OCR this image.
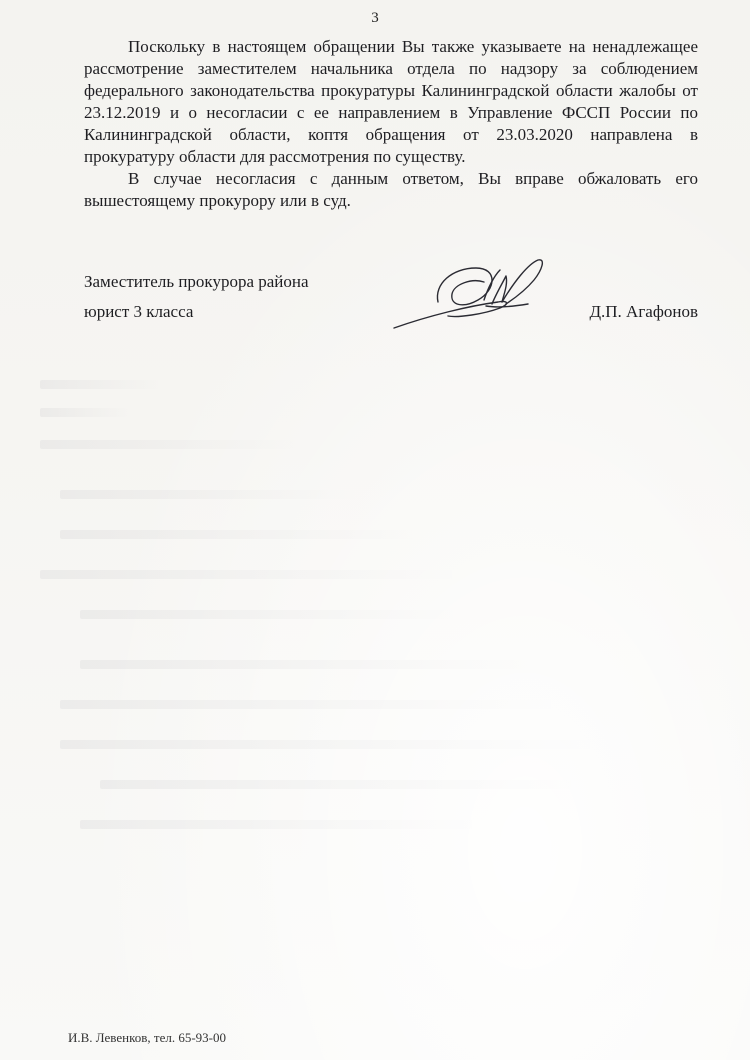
3

Поскольку в настоящем обращении Вы также указываете на ненадлежащее рассмотрение заместителем начальника отдела по надзору за соблюдением федерального законодательства прокуратуры Калининградской области жалобы от 23.12.2019 и о несогласии с ее направлением в Управление ФССП России по Калининградской области, коптя обращения от 23.03.2020 направлена в прокуратуру области для рассмотрения по существу.

В случае несогласия с данным ответом, Вы вправе обжаловать его вышестоящему прокурору или в суд.

Заместитель прокурора района
юрист 3 класса	Д.П. Агафонов
И.В. Левенков, тел. 65-93-00
